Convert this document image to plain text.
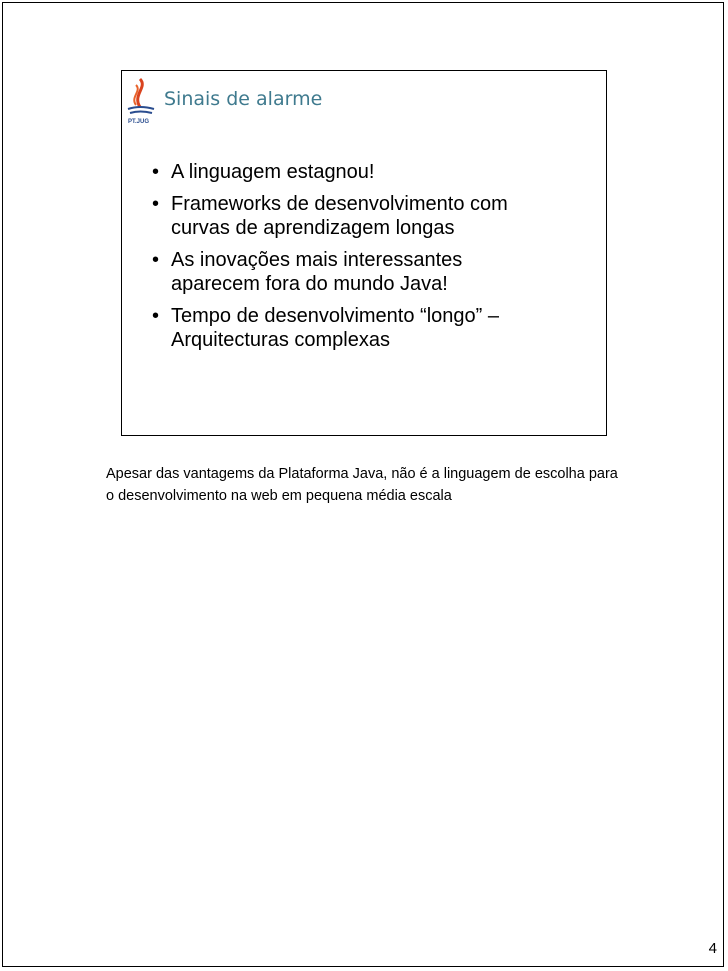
PT.JUG
Sinais de alarme
• A linguagem estagnou!
• Frameworks de desenvolvimento com
curvas de aprendizagem longas
• As inovações mais interessantes
aparecem fora do mundo Java!
• Tempo de desenvolvimento “longo” –
Arquitecturas complexas

Apesar das vantagems da Plataforma Java, não é a linguagem de escolha para o desenvolvimento na web em pequena média escala

4
